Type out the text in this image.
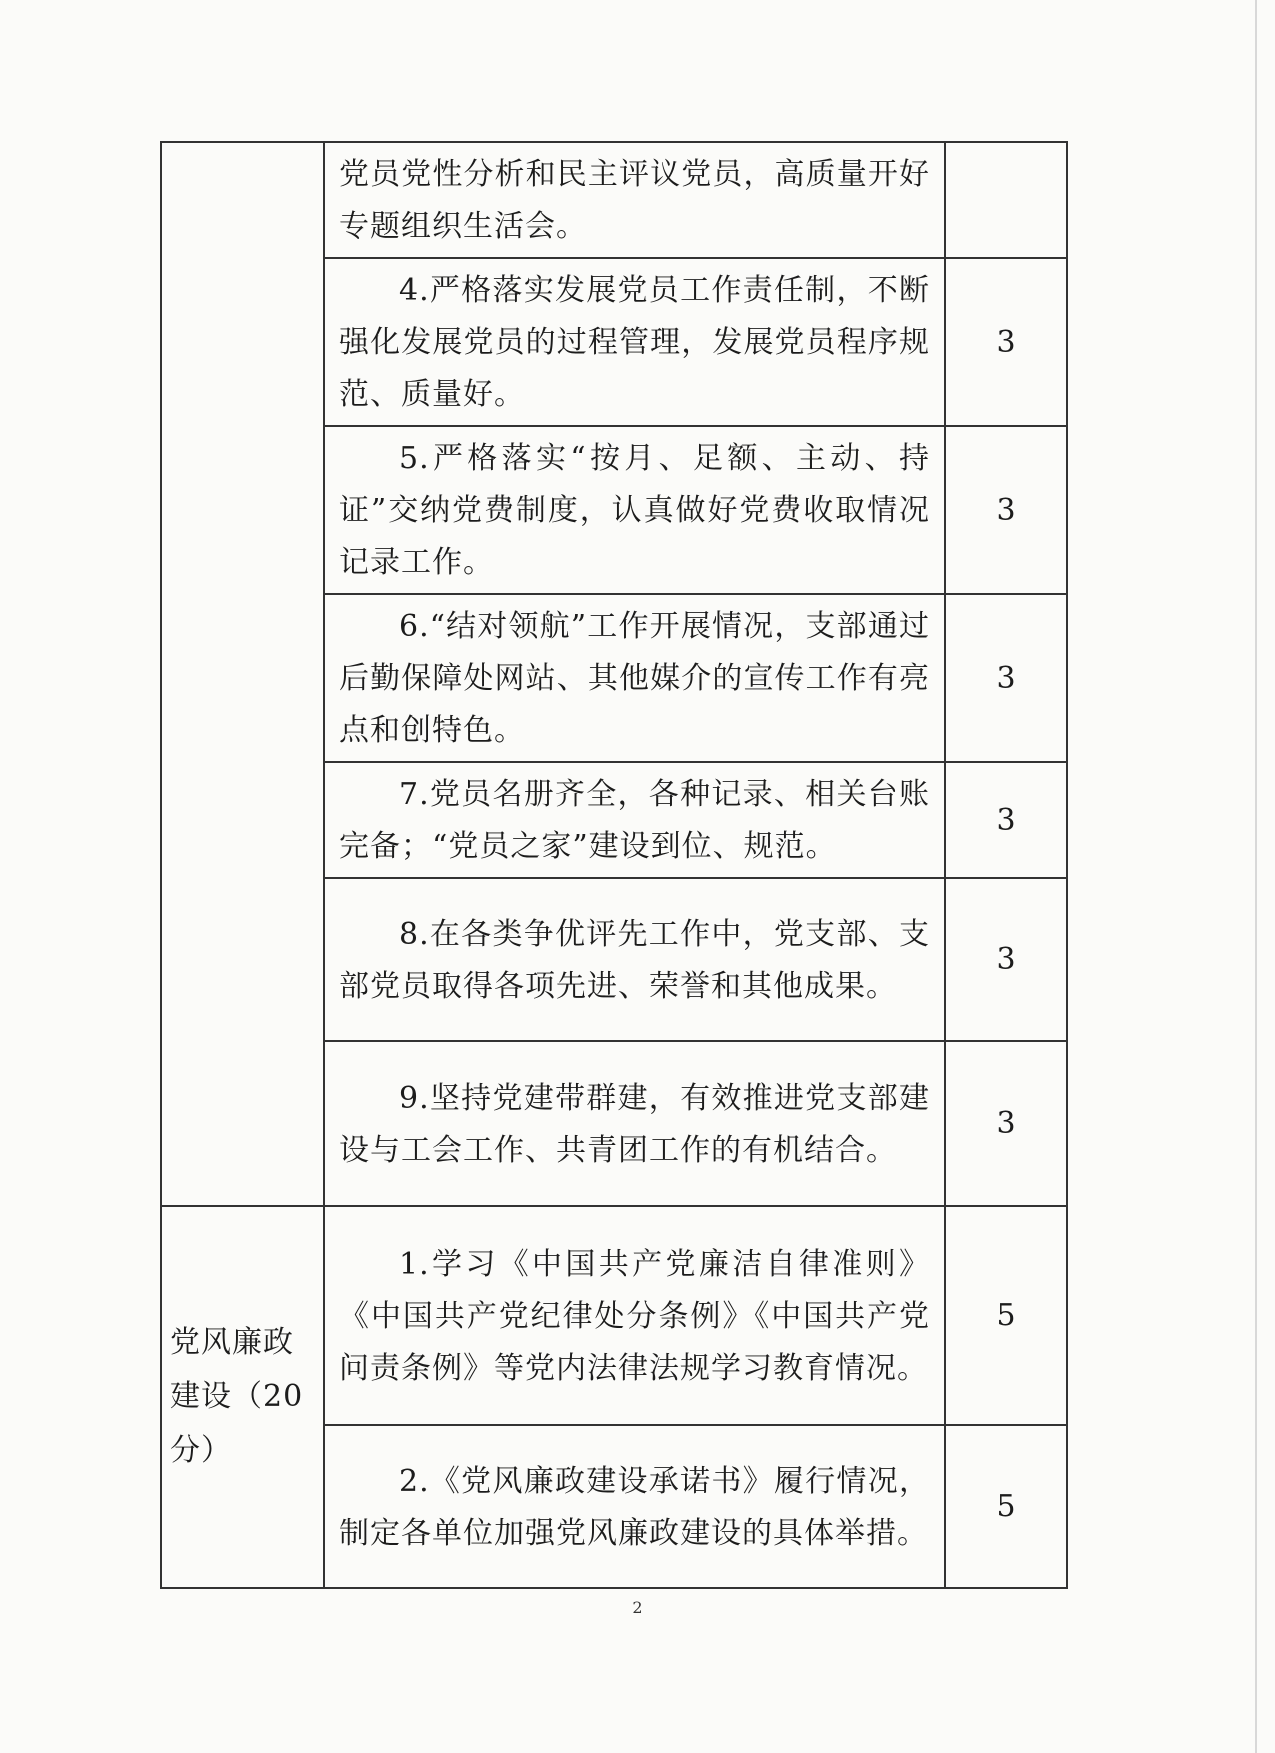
	党员党性分析和民主评议党员，高质量开好专题组织生活会。	

	4.严格落实发展党员工作责任制，不断强化发展党员的过程管理，发展党员程序规范、质量好。	3

	5.严格落实“按月、足额、主动、持证”交纳党费制度，认真做好党费收取情况记录工作。	3

	6.“结对领航”工作开展情况，支部通过后勤保障处网站、其他媒介的宣传工作有亮点和创特色。	3

	7.党员名册齐全，各种记录、相关台账完备；“党员之家”建设到位、规范。	3

	8.在各类争优评先工作中，党支部、支部党员取得各项先进、荣誉和其他成果。	3

	9.坚持党建带群建，有效推进党支部建设与工会工作、共青团工作的有机结合。	3

党风廉政建设（20分）	1.学习《中国共产党廉洁自律准则》《中国共产党纪律处分条例》《中国共产党问责条例》等党内法律法规学习教育情况。	5

	2.《党风廉政建设承诺书》履行情况，制定各单位加强党风廉政建设的具体举措。	5
2
